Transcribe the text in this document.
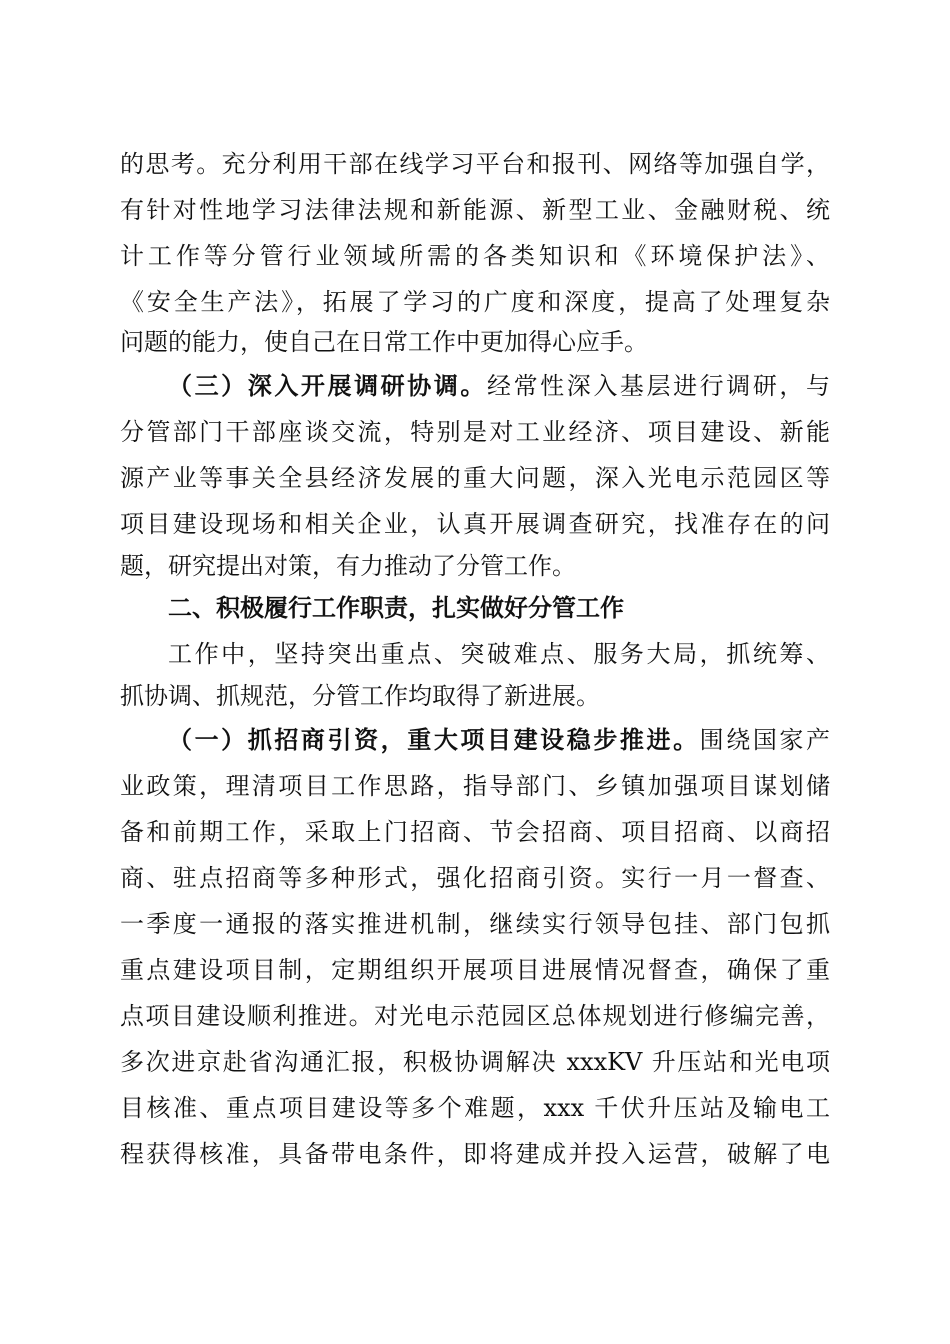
的思考。充分利用干部在线学习平台和报刊、网络等加强自学，
有针对性地学习法律法规和新能源、新型工业、金融财税、统
计工作等分管行业领域所需的各类知识和《环境保护法》、
《安全生产法》，拓展了学习的广度和深度，提高了处理复杂
问题的能力，使自己在日常工作中更加得心应手。
（三）深入开展调研协调。经常性深入基层进行调研，与
分管部门干部座谈交流，特别是对工业经济、项目建设、新能
源产业等事关全县经济发展的重大问题，深入光电示范园区等
项目建设现场和相关企业，认真开展调查研究，找准存在的问
题，研究提出对策，有力推动了分管工作。
二、积极履行工作职责，扎实做好分管工作
工作中，坚持突出重点、突破难点、服务大局，抓统筹、
抓协调、抓规范，分管工作均取得了新进展。
（一）抓招商引资，重大项目建设稳步推进。围绕国家产
业政策，理清项目工作思路，指导部门、乡镇加强项目谋划储
备和前期工作，采取上门招商、节会招商、项目招商、以商招
商、驻点招商等多种形式，强化招商引资。实行一月一督查、
一季度一通报的落实推进机制，继续实行领导包挂、部门包抓
重点建设项目制，定期组织开展项目进展情况督查，确保了重
点项目建设顺利推进。对光电示范园区总体规划进行修编完善，
多次进京赴省沟通汇报，积极协调解决 xxxKV 升压站和光电项
目核准、重点项目建设等多个难题，xxx 千伏升压站及输电工
程获得核准，具备带电条件，即将建成并投入运营，破解了电
